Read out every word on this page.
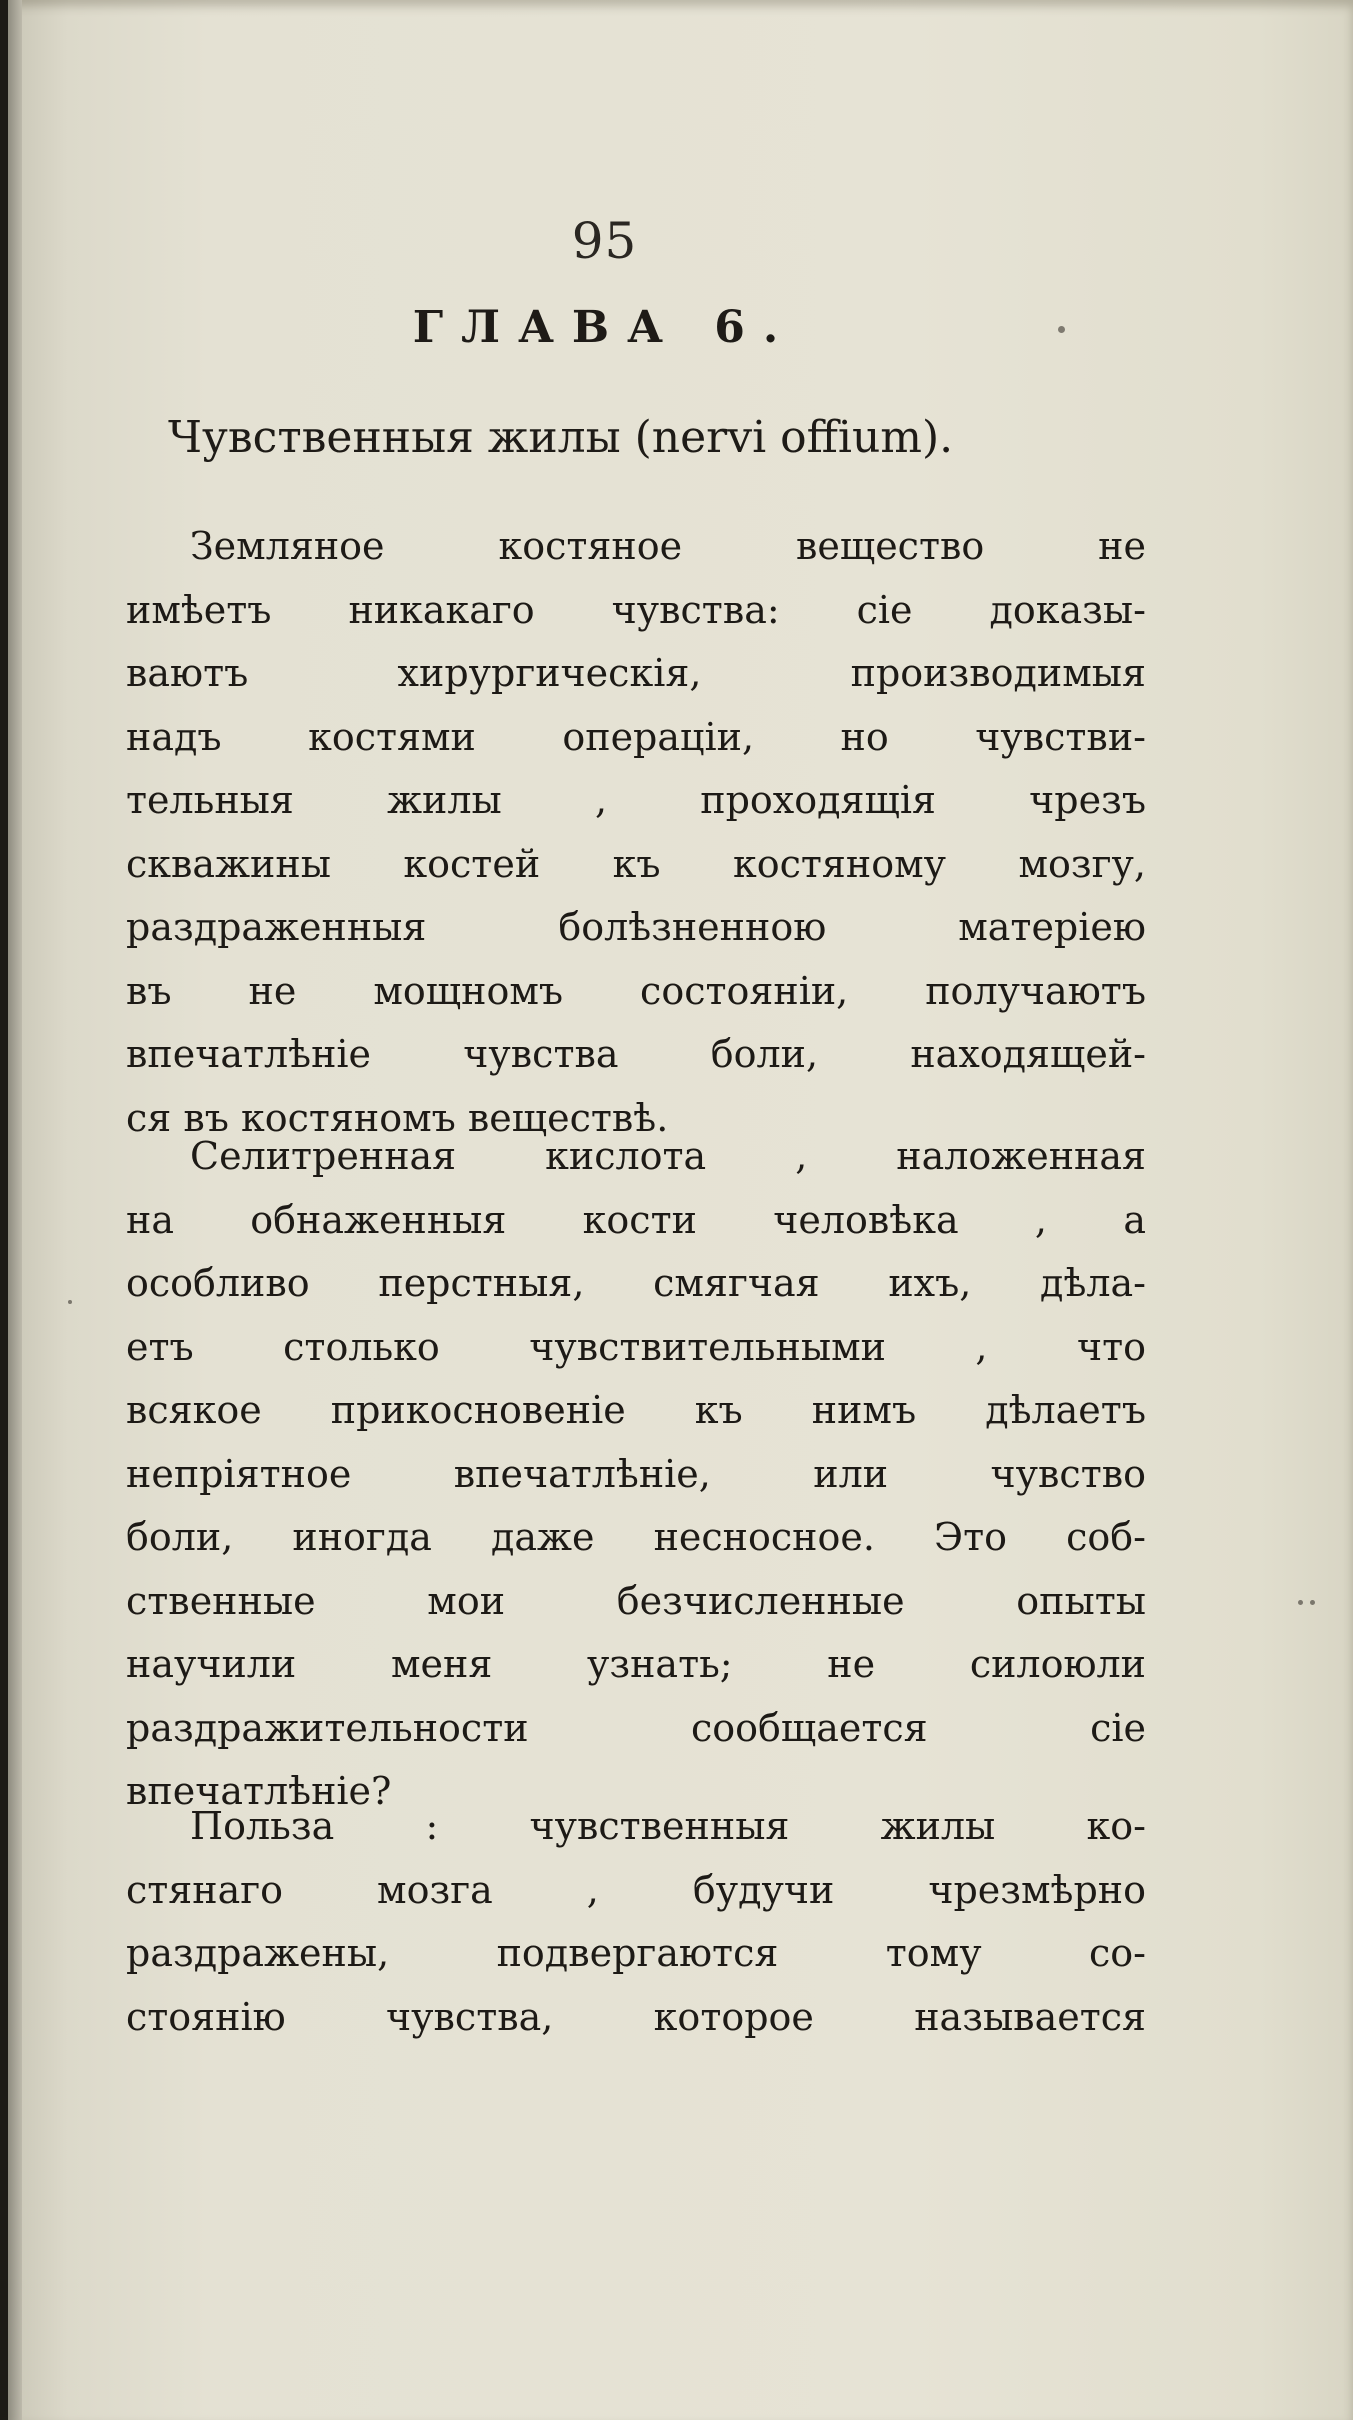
95
ГЛАВА 6.
Чувственныя жилы (nervi offium).
Земляное костяное вещество не
имѣетъ никакаго чувства: сіе доказы-
ваютъ хирургическія, производимыя
надъ костями операціи, но чувстви-
тельныя жилы , проходящія чрезъ
скважины костей къ костяному мозгу,
раздраженныя болѣзненною матеріею
въ не мощномъ состояніи, получаютъ
впечатлѣніе чувства боли, находящей-
ся въ костяномъ веществѣ.
Селитренная кислота , наложенная
на обнаженныя кости человѣка , а
особливо перстныя, смягчая ихъ, дѣла-
етъ столько чувствительными , что
всякое прикосновеніе къ нимъ дѣлаетъ
непріятное впечатлѣніе, или чувство
боли, иногда даже несносное. Это соб-
ственные мои безчисленные опыты
научили меня узнать; не силоюли
раздражительности сообщается сіе
впечатлѣніе?
Польза : чувственныя жилы ко-
стянаго мозга , будучи чрезмѣрно
раздражены, подвергаются тому со-
стоянію чувства, которое называется
